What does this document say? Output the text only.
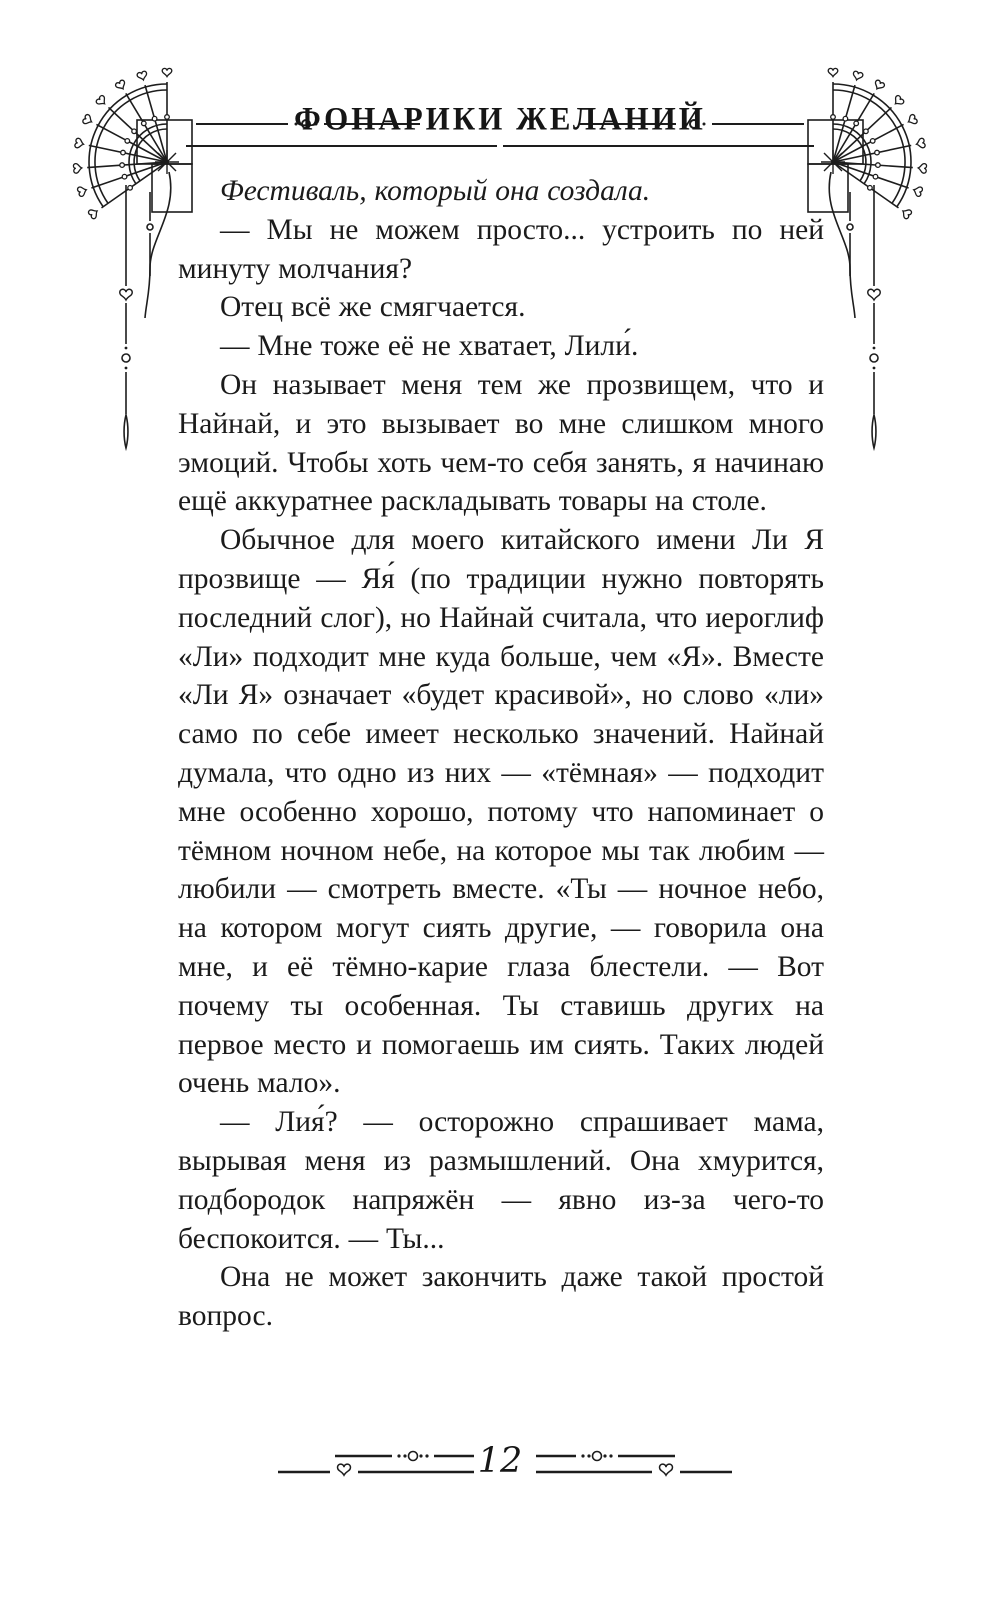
ФОНАРИКИ ЖЕЛАНИЙ

Фестиваль, который она создала.

— Мы не можем просто... устроить по ней минуту молчания?

Отец всё же смягчается.

— Мне тоже её не хватает, Лили́.

Он называет меня тем же прозвищем, что и Найнай, и это вызывает во мне слишком много эмоций. Чтобы хоть чем-то себя занять, я начинаю ещё аккуратнее раскладывать товары на столе.

Обычное для моего китайского имени Ли Я прозвище — Яя́ (по традиции нужно повторять последний слог), но Найнай считала, что иероглиф «Ли» подходит мне куда больше, чем «Я». Вместе «Ли Я» означает «будет красивой», но слово «ли» само по себе имеет несколько значений. Найнай думала, что одно из них — «тёмная» — подходит мне особенно хорошо, потому что напоминает о тёмном ночном небе, на которое мы так любим — любили — смотреть вместе. «Ты — ночное небо, на котором могут сиять другие, — говорила она мне, и её тёмно-карие глаза блестели. — Вот почему ты особенная. Ты ставишь других на первое место и помогаешь им сиять. Таких людей очень мало».

— Лия́? — осторожно спрашивает мама, вырывая меня из размышлений. Она хмурится, подбородок напряжён — явно из-за чего-то беспокоится. — Ты...

Она не может закончить даже такой простой вопрос.

12
